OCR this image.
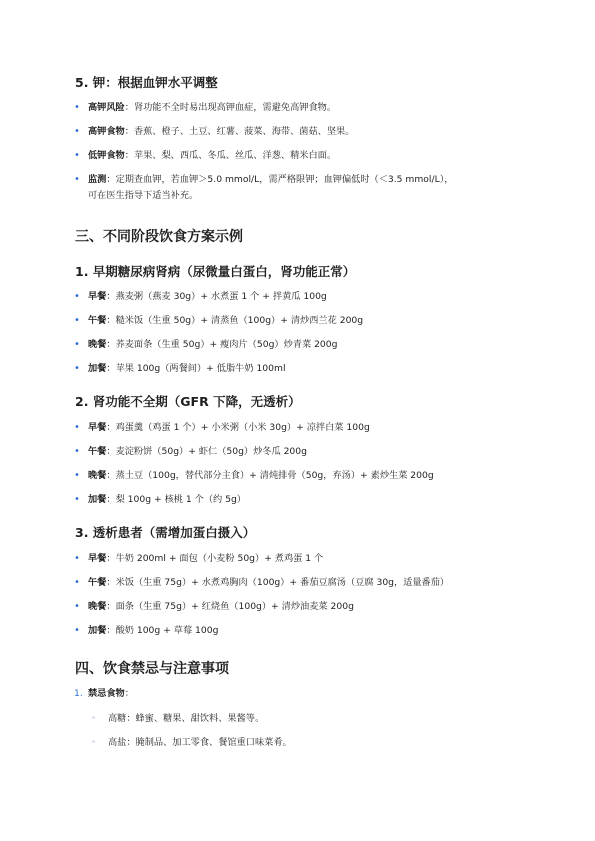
5. 钾：根据血钾水平调整
• 高钾风险：肾功能不全时易出现高钾血症，需避免高钾食物。
• 高钾食物：香蕉、橙子、土豆、红薯、菠菜、海带、菌菇、坚果。
• 低钾食物：苹果、梨、西瓜、冬瓜、丝瓜、洋葱、精米白面。
• 监测：定期查血钾，若血钾＞5.0 mmol/L，需严格限钾；血钾偏低时（＜3.5 mmol/L），
可在医生指导下适当补充。
三、不同阶段饮食方案示例
1. 早期糖尿病肾病（尿微量白蛋白，肾功能正常）
• 早餐：燕麦粥（燕麦 30g）+ 水煮蛋 1 个 + 拌黄瓜 100g
• 午餐：糙米饭（生重 50g）+ 清蒸鱼（100g）+ 清炒西兰花 200g
• 晚餐：荞麦面条（生重 50g）+ 瘦肉片（50g）炒青菜 200g
• 加餐：苹果 100g（两餐间）+ 低脂牛奶 100ml
2. 肾功能不全期（GFR 下降，无透析）
• 早餐：鸡蛋羹（鸡蛋 1 个）+ 小米粥（小米 30g）+ 凉拌白菜 100g
• 午餐：麦淀粉饼（50g）+ 虾仁（50g）炒冬瓜 200g
• 晚餐：蒸土豆（100g，替代部分主食）+ 清炖排骨（50g，弃汤）+ 素炒生菜 200g
• 加餐：梨 100g + 核桃 1 个（约 5g）
3. 透析患者（需增加蛋白摄入）
• 早餐：牛奶 200ml + 面包（小麦粉 50g）+ 煮鸡蛋 1 个
• 午餐：米饭（生重 75g）+ 水煮鸡胸肉（100g）+ 番茄豆腐汤（豆腐 30g，适量番茄）
• 晚餐：面条（生重 75g）+ 红烧鱼（100g）+ 清炒油麦菜 200g
• 加餐：酸奶 100g + 草莓 100g
四、饮食禁忌与注意事项
1. 禁忌食物：
◦ 高糖：蜂蜜、糖果、甜饮料、果酱等。
◦ 高盐：腌制品、加工零食、餐馆重口味菜肴。
